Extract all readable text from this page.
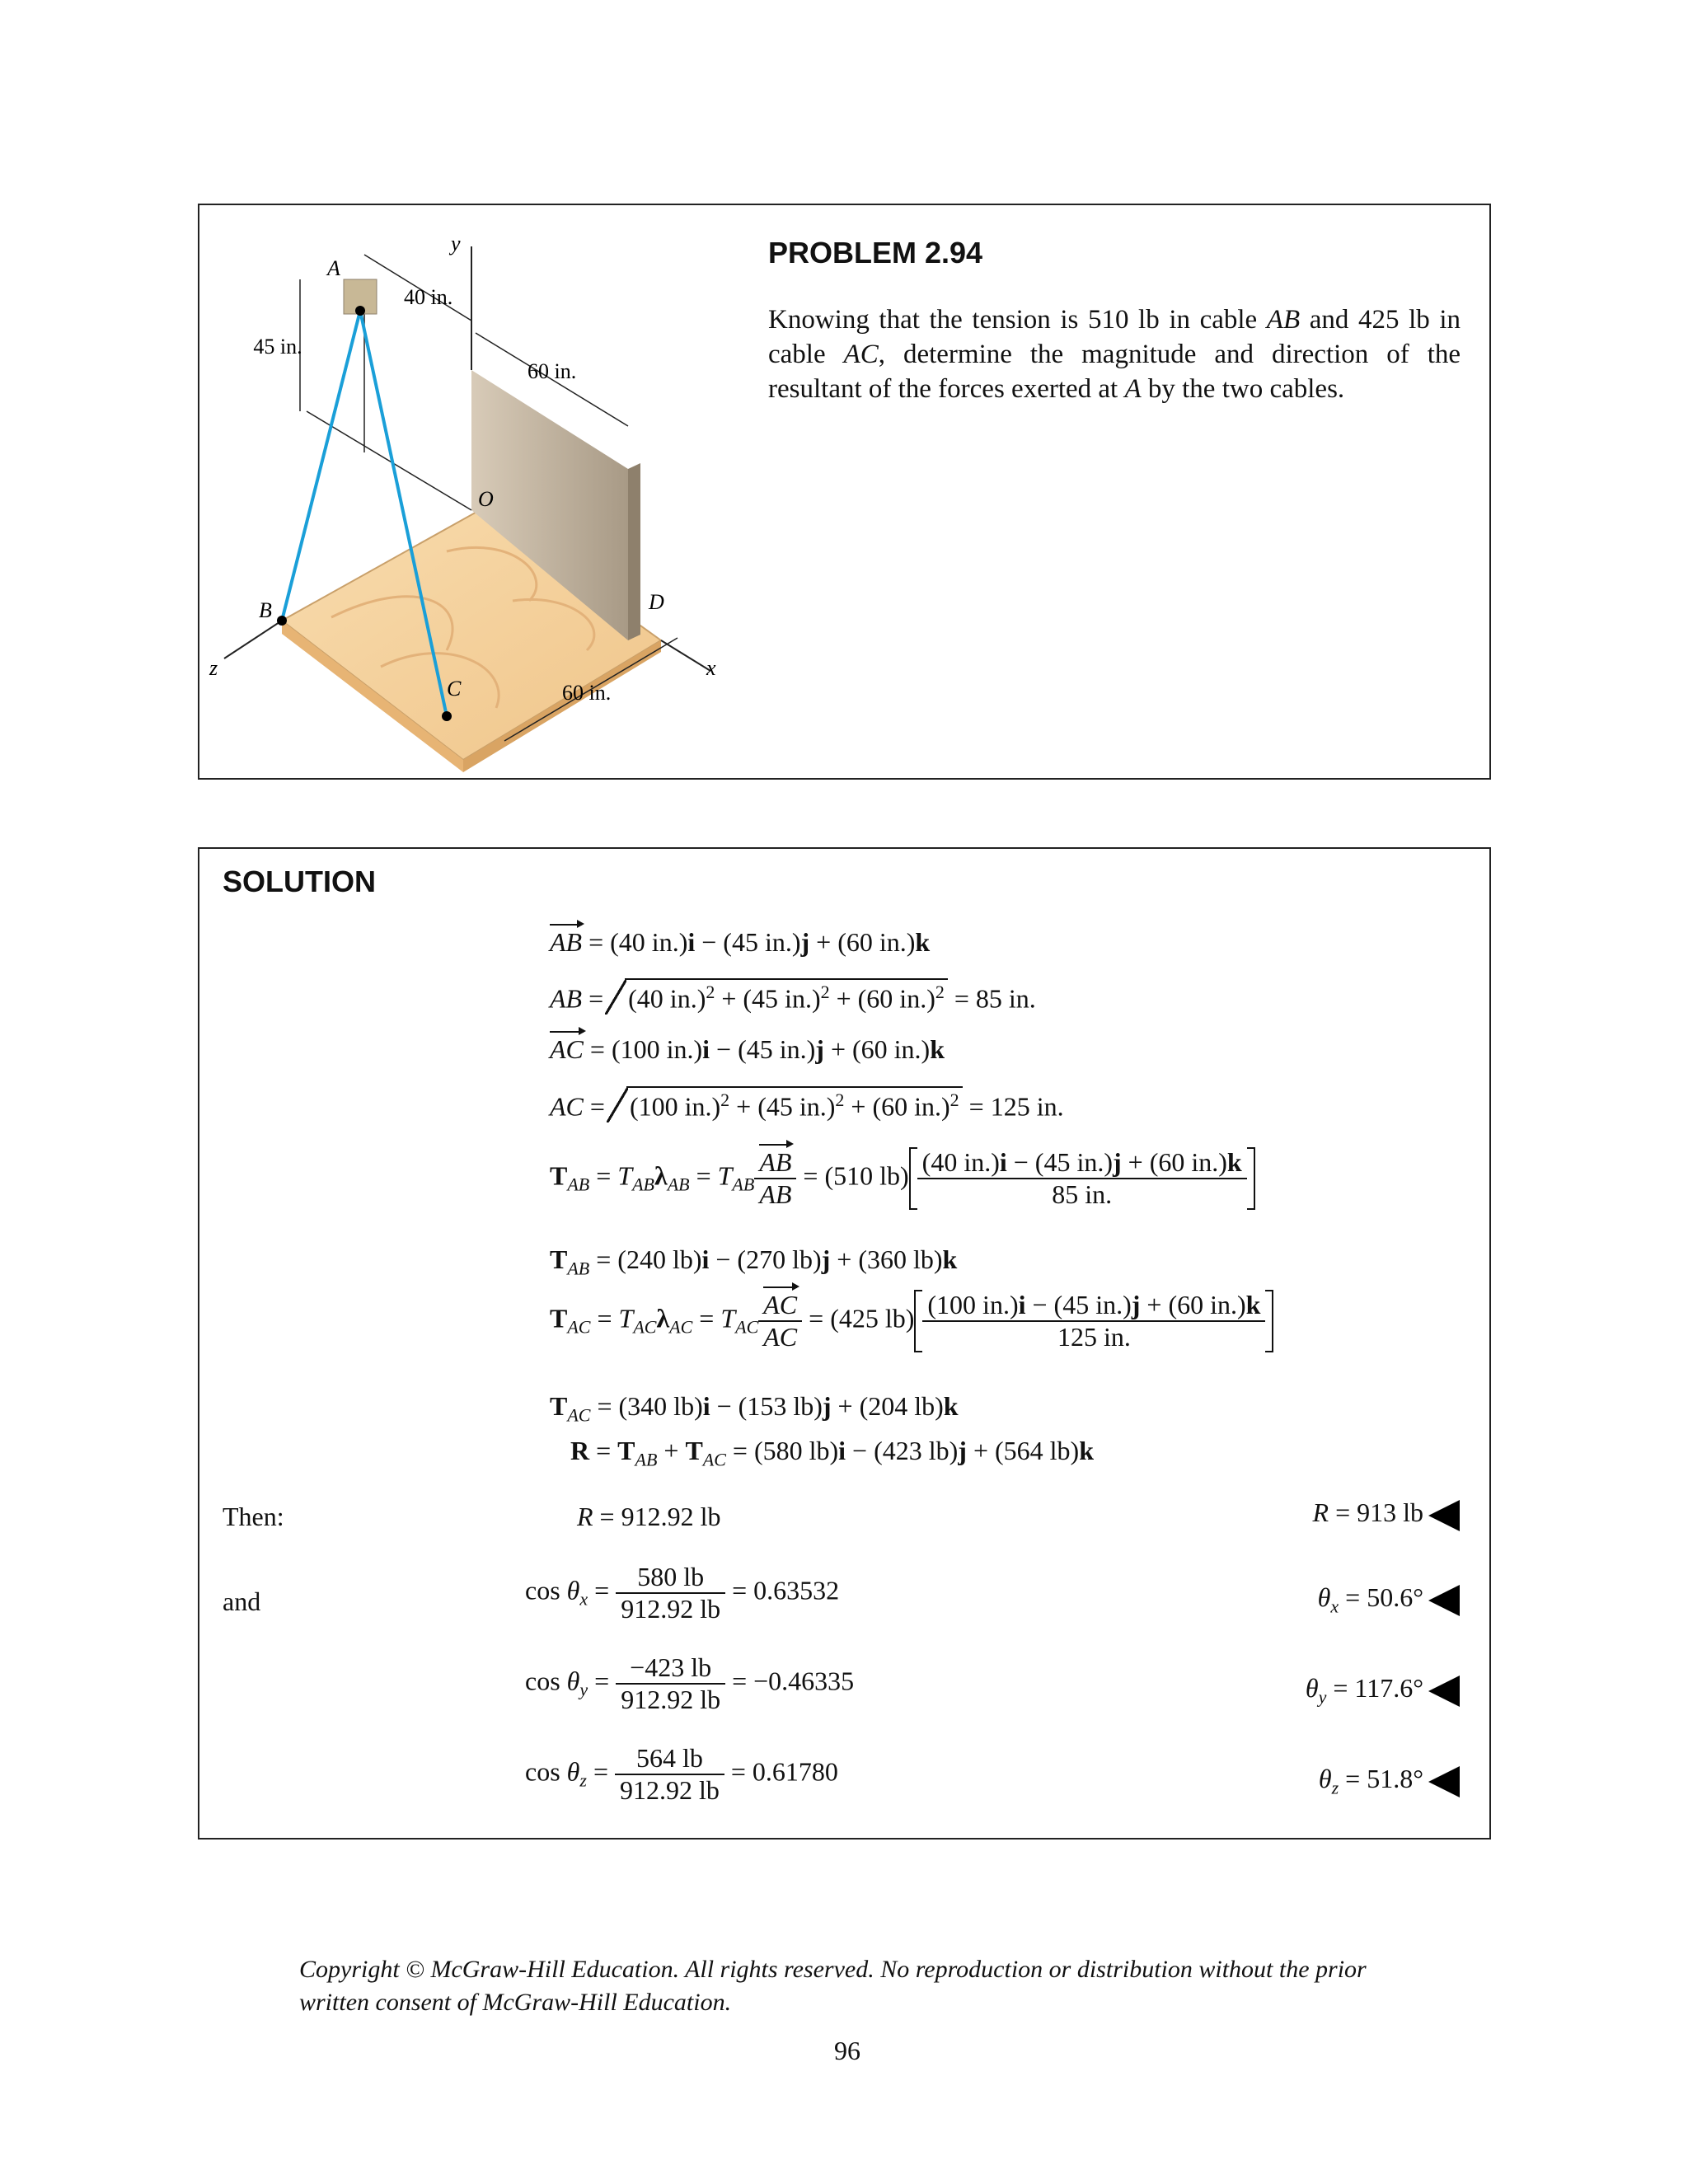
A
B
C
D
O
y
x
z
40 in.
45 in.
60 in.
60 in.
PROBLEM 2.94
Knowing that the tension is 510 lb in cable AB and 425 lb in cable AC, determine the magnitude and direction of the resultant of the forces exerted at A by the two cables.
SOLUTION
AB = (40 in.)i − (45 in.)j + (60 in.)k
AB = (40 in.)$^2$ + (45 in.)$^2$ + (60 in.)$^2$ = 85 in.
AC = (100 in.)i − (45 in.)j + (60 in.)k
AC = (100 in.)$^2$ + (45 in.)$^2$ + (60 in.)$^2$ = 125 in.
$T_{AB} = T_{AB}\lambda_{AB} = T_{AB} \frac{AB}{AB} = (510$ $lb) \frac{(40 in.)i - (45 in.)j + (60 in.)k}{85 in.}$
$T_{AB} = (240$ lb)i − (270 lb)j + (360 lb)k
$T_{AC} = T_{AC}\lambda_{AC} = T_{AC} \frac{AC}{AC} = (425$ $lb) \frac{(100 in.)i - (45 in.)j + (60 in.)k}{125 in.}$
$T_{AC} = (340$ lb)i − (153 lb)j + (204 lb)k
$R = T_{AB} + T_{AC} = (580$ lb)i − (423 lb)j + (564 lb)k
Then:	R = 912.92 lb	R = 913 lb
and	$\cos \theta_x = \frac{580 lb}{912.92 lb} = 0.63532$	$\theta_x = 50.6^\circ$
$\cos \theta_y = \frac{-423 lb}{912.92 lb} = -0.46335$	$\theta_y = 117.6^\circ$
$\cos \theta_z = \frac{564 lb}{912.92 lb} = 0.61780$	$\theta_z = 51.8^\circ$
Copyright © McGraw-Hill Education. All rights reserved. No reproduction or distribution without the prior written consent of McGraw-Hill Education.
96
